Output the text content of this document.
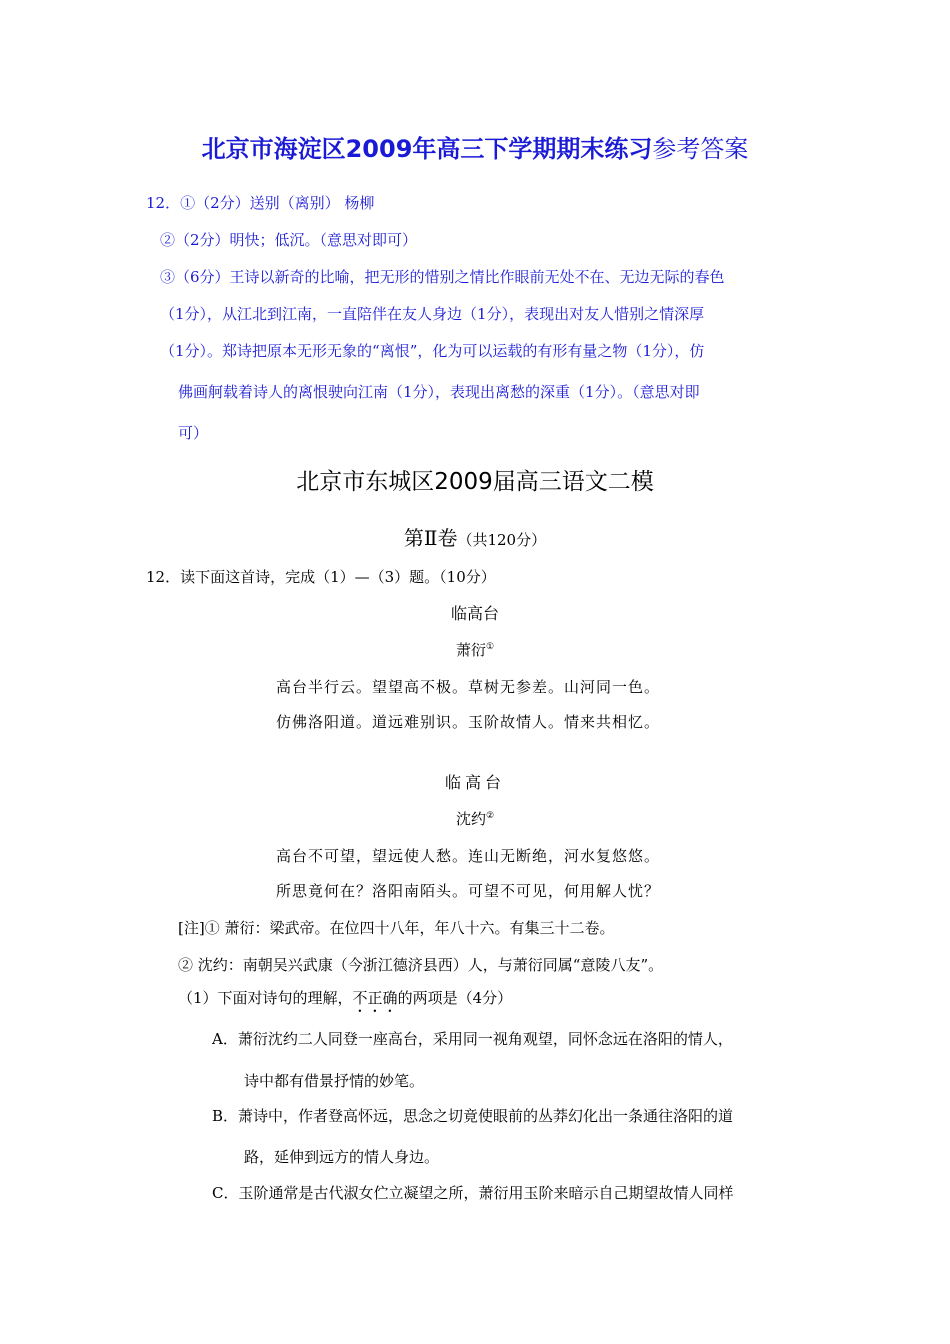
北京市海淀区2009年高三下学期期末练习参考答案
12．①（2分）送别（离别） 杨柳
②（2分）明快；低沉。（意思对即可）
③（6分）王诗以新奇的比喻，把无形的惜别之情比作眼前无处不在、无边无际的春色
（1分），从江北到江南，一直陪伴在友人身边（1分），表现出对友人惜别之情深厚
（1分）。郑诗把原本无形无象的“离恨”，化为可以运载的有形有量之物（1分），仿
佛画舸载着诗人的离恨驶向江南（1分），表现出离愁的深重（1分）。（意思对即
可）
北京市东城区2009届高三语文二模
第Ⅱ卷（共120分）
12．读下面这首诗，完成（1）—（3）题。（10分）
临高台
萧衍①
高台半行云。望望高不极。草树无参差。山河同一色。
仿佛洛阳道。道远难别识。玉阶故情人。情来共相忆。
临高台
沈约②
高台不可望，望远使人愁。连山无断绝，河水复悠悠。
所思竟何在？洛阳南陌头。可望不可见，何用解人忧？
[注]① 萧衍：梁武帝。在位四十八年，年八十六。有集三十二卷。
② 沈约：南朝吴兴武康（今浙江德济县西）人，与萧衍同属“意陵八友”。
（1）下面对诗句的理解，不正确的两项是（4分）
A．萧衍沈约二人同登一座高台，采用同一视角观望，同怀念远在洛阳的情人，
诗中都有借景抒情的妙笔。
B．萧诗中，作者登高怀远，思念之切竟使眼前的丛莽幻化出一条通往洛阳的道
路，延伸到远方的情人身边。
C．玉阶通常是古代淑女伫立凝望之所，萧衍用玉阶来暗示自己期望故情人同样
